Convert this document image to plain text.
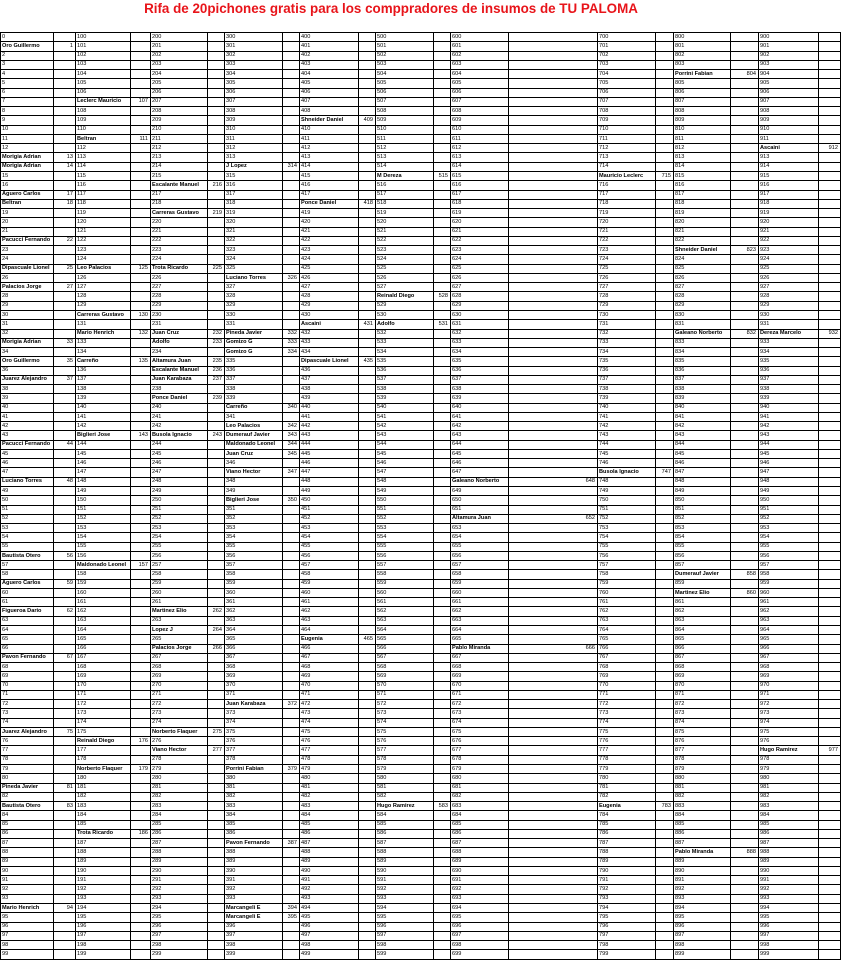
Rifa de 20pichones gratis para los comppradores de insumos de TU PALOMA
0		100		200		300		400		500		600		700		800		900	
Oro Guillermo	1	101		201		301		401		501		601		701		801		901	
2		102		202		302		402		502		602		702		802		902	
3		103		203		303		403		503		603		703		803		903	
4		104		204		304		404		504		604		704		Porrini Fabian	804	904	
5		105		205		305		405		505		605		705		805		905	
6		106		206		306		406		506		606		706		806		906	
7		Leclerc Mauricio	107	207		307		407		507		607		707		807		907	
8		108		208		308		408		508		608		708		808		908	
9		109		209		309		Shneider Daniel	409	509		609		709		809		909	
10		110		210		310		410		510		610		710		810		910	
11		Beltran	111	211		311		411		511		611		711		811		911	
12		112		212		312		412		512		612		712		812		Ascaini	912
Morigia Adrian	13	113		213		313		413		513		613		713		813		913	
Morigia Adrian	14	114		214		J Lopez	314	414		514		614		714		814		914	
15		115		215		315		415		M Dereza	515	615		Mauricio Leclerc	715	815		915	
16		116		Escalante Manuel	216	316		416		516		616		716		816		916	
Aguero Carlos	17	117		217		317		417		517		617		717		817		917	
Beltran	18	118		218		318		Ponce Daniel	418	518		618		718		818		918	
19		119		Carreras Gustavo	219	319		419		519		619		719		819		919	
20		120		220		320		420		520		620		720		820		920	
21		121		221		321		421		521		621		721		821		921	
Pacucci Fernando	22	122		222		322		422		522		622		722		822		922	
23		123		223		323		423		523		623		723		Shneider Daniel	823	923	
24		124		224		324		424		524		624		724		824		924	
Dipascuale Lionel	25	Leo Palacios	125	Trota Ricardo	225	325		425		525		625		725		825		925	
26		126		226		Luciano Torres	326	426		526		626		726		826		926	
Palacios Jorge	27	127		227		327		427		527		627		727		827		927	
28		128		228		328		428		Reinald Diego	528	628		728		828		928	
29		129		229		329		429		529		629		729		829		929	
30		Carreras Gustavo	130	230		330		430		530		630		730		830		930	
31		131		231		331		Ascaini	431	Adolfo	531	631		731		831		931	
32		Mario Henrich	132	Juan Cruz	232	Pineda Javier	332	432		532		632		732		Galeano Norberto	832	Dereza Marcelo	932
Morigia Adrian	33	133		Adolfo	233	Gomizo G	333	433		533		633		733		833		933	
34		134		234		Gomizo G	334	434		534		634		734		834		934	
Oro Guillermo	35	Carreño	135	Altamura Juan	235	335		Dipascuale Lionel	435	535		635		735		835		935	
36		136		Escalante Manuel	236	336		436		536		636		736		836		936	
Juarez Alejandro	37	137		Juan Karabaza	237	337		437		537		637		737		837		937	
38		138		238		338		438		538		638		738		838		938	
39		139		Ponce Daniel	239	339		439		539		639		739		839		939	
40		140		240		Carreño	340	440		540		640		740		840		940	
41		141		241		341		441		541		641		741		841		941	
42		142		242		Leo Palacios	342	442		542		642		742		842		942	
43		Biglieri Jose	143	Busola Ignacio	243	Dumerauf Javier	343	443		543		643		743		843		943	
Pacucci Fernando	44	144		244		Maldonado Leonel	344	444		544		644		744		844		944	
45		145		245		Juan Cruz	345	445		545		645		745		845		945	
46		146		246		346		446		546		646		746		846		946	
47		147		247		Viano Hector	347	447		547		647		Busola Ignacio	747	847		947	
Luciano Torres	48	148		248		348		448		548		Galeano Norberto	648	748		848		948	
49		149		249		349		449		549		649		749		849		949	
50		150		250		Biglieri Jose	350	450		550		650		750		850		950	
51		151		251		351		451		551		651		751		851		951	
52		152		252		352		452		552		Altamura Juan	652	752		852		952	
53		153		253		353		453		553		653		753		853		953	
54		154		254		354		454		554		654		754		854		954	
55		155		255		355		455		555		655		755		855		955	
Bautista Otero	56	156		256		356		456		556		656		756		856		956	
57		Maldonado Leonel	157	257		357		457		557		657		757		857		957	
58		158		258		358		458		558		658		758		Dumerauf Javier	858	958	
Aguero Carlos	59	159		259		359		459		559		659		759		859		959	
60		160		260		360		460		560		660		760		Martinez Elio	860	960	
61		161		261		361		461		561		661		761		861		961	
Figueroa Dario	62	162		Martinez Elio	262	362		462		562		662		762		862		962	
63		163		263		363		463		563		663		763		863		963	
64		164		Lopez J	264	364		464		564		664		764		864		964	
65		165		265		365		Eugenia	465	565		665		765		865		965	
66		166		Palacios Jorge	266	366		466		566		Pablo Miranda	666	766		866		966	
Pavon Fernando	67	167		267		367		467		567		667		767		867		967	
68		168		268		368		468		568		668		768		868		968	
69		169		269		369		469		569		669		769		869		969	
70		170		270		370		470		570		670		770		870		970	
71		171		271		371		471		571		671		771		871		971	
72		172		272		Juan Karabaza	372	472		572		672		772		872		972	
73		173		273		373		473		573		673		773		873		973	
74		174		274		374		474		574		674		774		874		974	
Juarez Alejandro	75	175		Norberto Flaquer	275	375		475		575		675		775		875		975	
76		Reinald Diego	176	276		376		476		576		676		776		876		976	
77		177		Viano Hector	277	377		477		577		677		777		877		Hugo Ramirez	977
78		178		278		378		478		578		678		778		878		978	
79		Norberto Flaquer	179	279		Porrini Fabian	379	479		579		679		779		879		979	
80		180		280		380		480		580		680		780		880		980	
Pineda Javier	81	181		281		381		481		581		681		781		881		981	
82		182		282		382		482		582		682		782		882		982	
Bautista Otero	83	183		283		383		483		Hugo Ramirez	583	683		Eugenia	783	883		983	
84		184		284		384		484		584		684		784		884		984	
85		185		285		385		485		585		685		785		885		985	
86		Trota Ricardo	186	286		386		486		586		686		786		886		986	
87		187		287		Pavon Fernando	387	487		587		687		787		887		987	
88		188		288		388		488		588		688		788		Pablo Miranda	888	988	
89		189		289		389		489		589		689		789		889		989	
90		190		290		390		490		590		690		790		890		990	
91		191		291		391		491		591		691		791		891		991	
92		192		292		392		492		592		692		792		892		992	
93		193		293		393		493		593		693		793		893		993	
Mario Henrich	94	194		294		Marcangeli E	394	494		594		694		794		894		994	
95		195		295		Marcangeli E	395	495		595		695		795		895		995	
96		196		296		396		496		596		696		796		896		996	
97		197		297		397		497		597		697		797		897		997	
98		198		298		398		498		598		698		798		898		998	
99		199		299		399		499		599		699		799		899		999	
